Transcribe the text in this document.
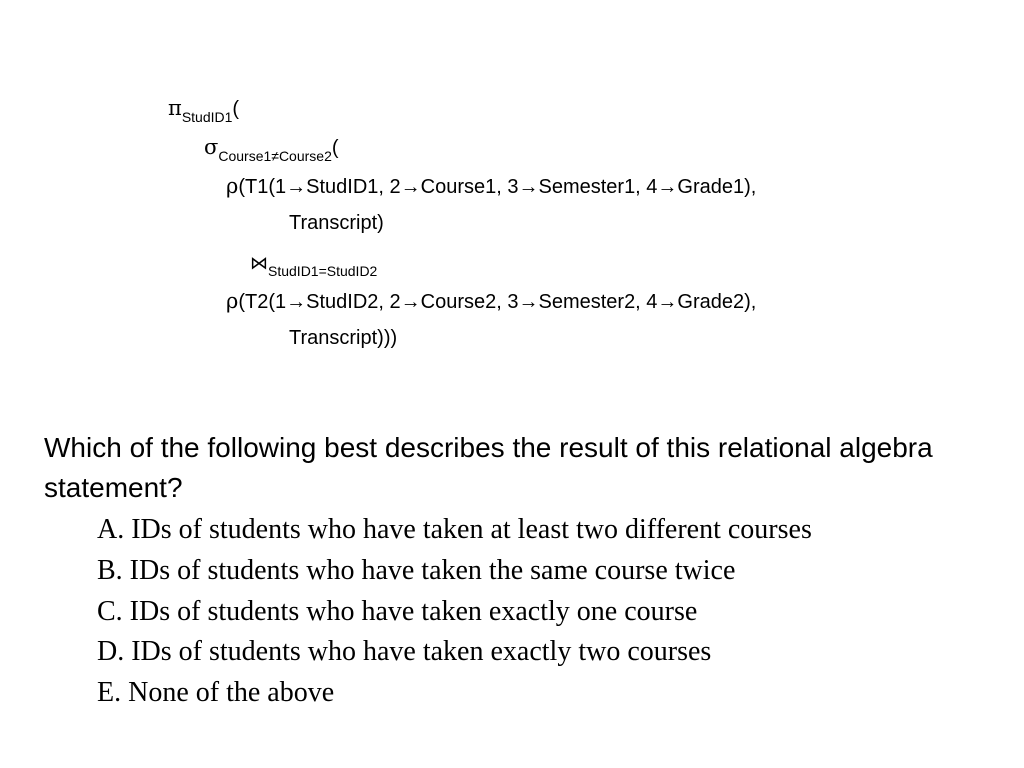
$\pi_{StudID1}$(
$\sigma_{Course1\ne Course2}$(
ρ(T1(1→StudID1, 2→Course1, 3→Semester1, 4→Grade1),
Transcript)
$⋈_{StudID1=StudID2}$
ρ(T2(1→StudID2, 2→Course2, 3→Semester2, 4→Grade2),
Transcript)))
Which of the following best describes the result of this relational algebra statement?
A. IDs of students who have taken at least two different courses
B. IDs of students who have taken the same course twice
C. IDs of students who have taken exactly one course
D. IDs of students who have taken exactly two courses
E. None of the above
